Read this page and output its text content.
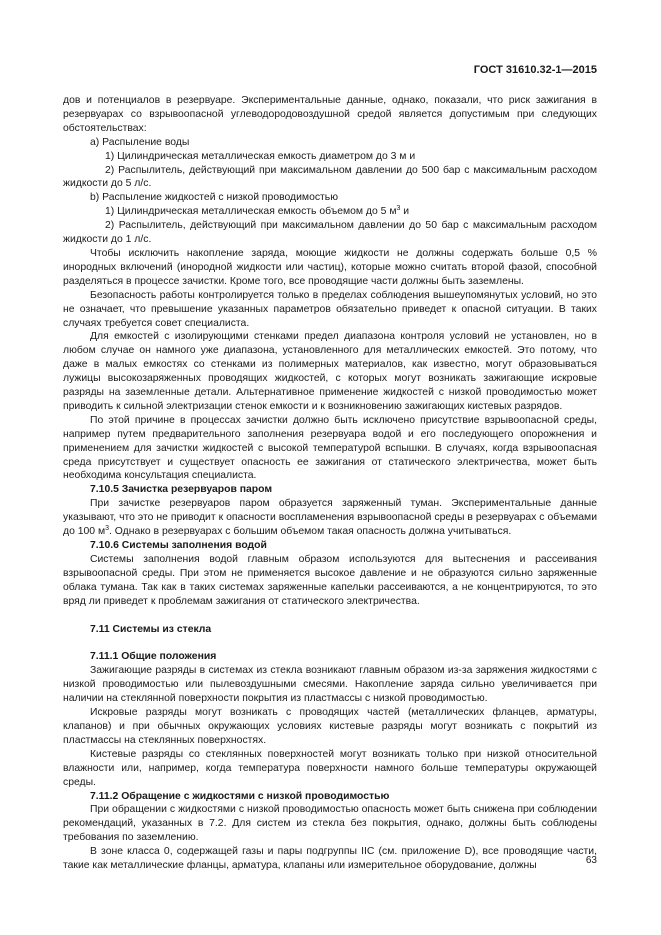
ГОСТ 31610.32-1—2015

дов и потенциалов в резервуаре. Экспериментальные данные, однако, показали, что риск зажигания в резервуарах со взрывоопасной углеводородовоздушной средой является допустимым при следующих обстоятельствах:

a) Распыление воды

1) Цилиндрическая металлическая емкость диаметром до 3 м и

2) Распылитель, действующий при максимальном давлении до 500 бар с максимальным расходом жидкости до 5 л/с.

b) Распыление жидкостей с низкой проводимостью

1) Цилиндрическая металлическая емкость объемом до 5 $м^3$ и

2) Распылитель, действующий при максимальном давлении до 50 бар с максимальным расходом жидкости до 1 л/с.

Чтобы исключить накопление заряда, моющие жидкости не должны содержать больше 0,5 % инородных включений (инородной жидкости или частиц), которые можно считать второй фазой, способной разделяться в процессе зачистки. Кроме того, все проводящие части должны быть заземлены.

Безопасность работы контролируется только в пределах соблюдения вышеупомянутых условий, но это не означает, что превышение указанных параметров обязательно приведет к опасной ситуации. В таких случаях требуется совет специалиста.

Для емкостей с изолирующими стенками предел диапазона контроля условий не установлен, но в любом случае он намного уже диапазона, установленного для металлических емкостей. Это потому, что даже в малых емкостях со стенками из полимерных материалов, как известно, могут образовываться лужицы высокозаряженных проводящих жидкостей, с которых могут возникать зажигающие искровые разряды на заземленные детали. Альтернативное применение жидкостей с низкой проводимостью может приводить к сильной электризации стенок емкости и к возникновению зажигающих кистевых разрядов.

По этой причине в процессах зачистки должно быть исключено присутствие взрывоопасной среды, например путем предварительного заполнения резервуара водой и его последующего опорожнения и применением для зачистки жидкостей с высокой температурой вспышки. В случаях, когда взрывоопасная среда присутствует и существует опасность ее зажигания от статического электричества, может быть необходима консультация специалиста.

7.10.5 Зачистка резервуаров паром

При зачистке резервуаров паром образуется заряженный туман. Экспериментальные данные указывают, что это не приводит к опасности воспламенения взрывоопасной среды в резервуарах с объемами до 100 $м^3$. Однако в резервуарах с большим объемом такая опасность должна учитываться.

7.10.6 Системы заполнения водой

Системы заполнения водой главным образом используются для вытеснения и рассеивания взрывоопасной среды. При этом не применяется высокое давление и не образуются сильно заряженные облака тумана. Так как в таких системах заряженные капельки рассеиваются, а не концентрируются, то это вряд ли приведет к проблемам зажигания от статического электричества.

7.11 Системы из стекла

7.11.1 Общие положения

Зажигающие разряды в системах из стекла возникают главным образом из-за заряжения жидкостями с низкой проводимостью или пылевоздушными смесями. Накопление заряда сильно увеличивается при наличии на стеклянной поверхности покрытия из пластмассы с низкой проводимостью.

Искровые разряды могут возникать с проводящих частей (металлических фланцев, арматуры, клапанов) и при обычных окружающих условиях кистевые разряды могут возникать с покрытий из пластмассы на стеклянных поверхностях.

Кистевые разряды со стеклянных поверхностей могут возникать только при низкой относительной влажности или, например, когда температура поверхности намного больше температуры окружающей среды.

7.11.2 Обращение с жидкостями с низкой проводимостью

При обращении с жидкостями с низкой проводимостью опасность может быть снижена при соблюдении рекомендаций, указанных в 7.2. Для систем из стекла без покрытия, однако, должны быть соблюдены требования по заземлению.

В зоне класса 0, содержащей газы и пары подгруппы IIC (см. приложение D), все проводящие части, такие как металлические фланцы, арматура, клапаны или измерительное оборудование, должны	63
